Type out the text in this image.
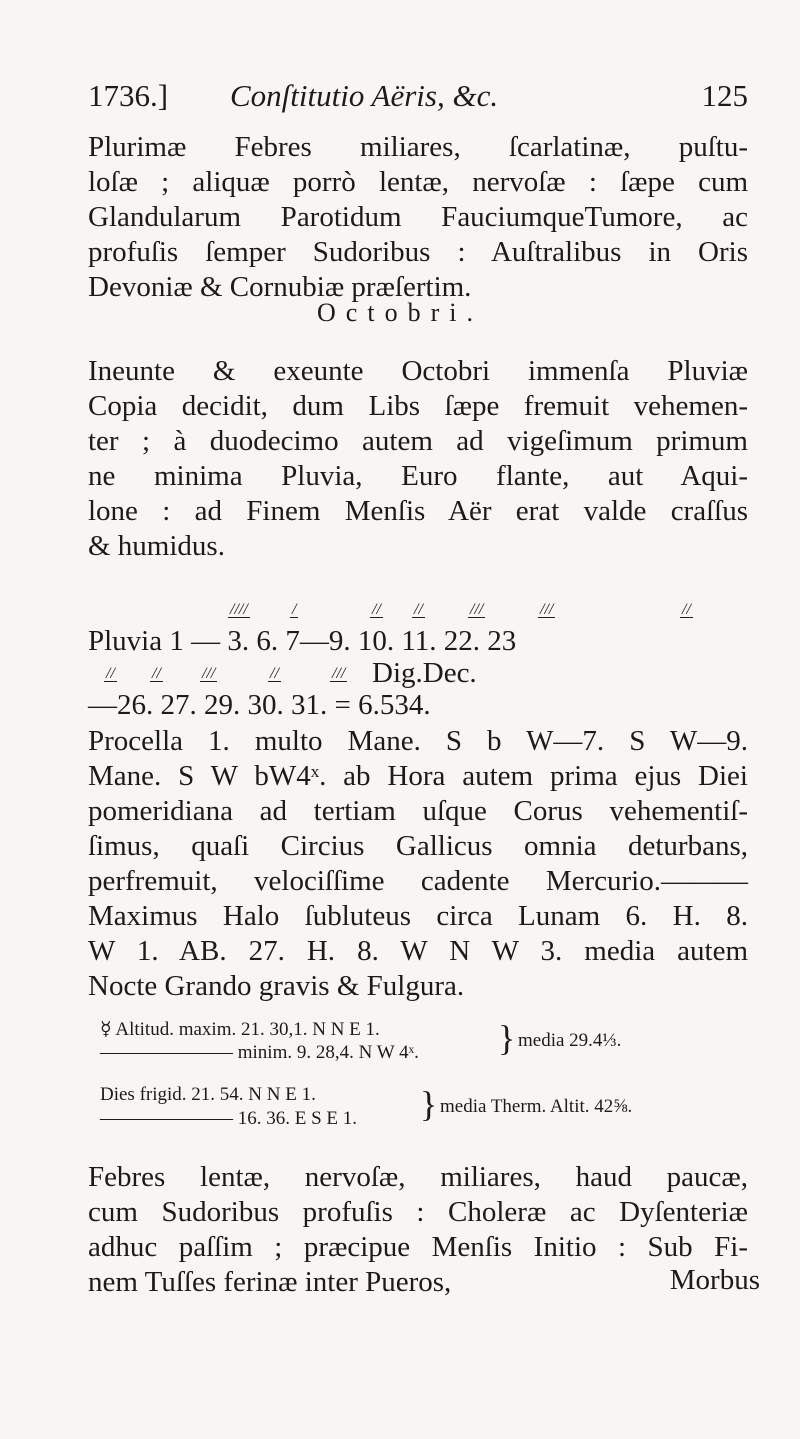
1736.] Conſtitutio Aëris, &c.	125
Plurimæ Febres miliares, ſcarlatinæ, puſtu-
loſæ ; aliquæ porrò lentæ, nervoſæ : ſæpe cum
Glandularum Parotidum FauciumqueTumore, ac
profuſis ſemper Sudoribus : Auſtralibus in Oris
Devoniæ & Cornubiæ præſertim.
Octobri.
Ineunte & exeunte Octobri immenſa Pluviæ
Copia decidit, dum Libs ſæpe fremuit vehemen-
ter ; à duodecimo autem ad vigeſimum primum
ne minima Pluvia, Euro flante, aut Aqui-
lone : ad Finem Menſis Aër erat valde craſſus
& humidus.
////	/	// //	///	///	//
Pluvia 1 — 3. 6. 7—9. 10. 11. 22. 23
// //	///	//	/// Dig.Dec.
—26. 27. 29. 30. 31. = 6.534.
Procella 1. multo Mane. S b W—7. S W—9.
Mane. S W bW4ˣ. ab Hora autem prima ejus Diei
pomeridiana ad tertiam uſque Corus vehementiſ-
ſimus, quaſi Circius Gallicus omnia deturbans,
perfremuit, velociſſime cadente Mercurio.———
Maximus Halo ſubluteus circa Lunam 6. H. 8.
W 1. AB. 27. H. 8. W N W 3. media autem
Nocte Grando gravis & Fulgura.
☿ Altitud. maxim. 21. 30,1. N N E 1.
——————— minim. 9. 28,4. N W 4ˣ. } media 29.4⅓.
Dies frigid. 21. 54. N N E 1.
——————— 16. 36. E S E 1. } media Therm. Altit. 42⅝.
Febres lentæ, nervoſæ, miliares, haud paucæ,
cum Sudoribus profuſis : Choleræ ac Dyſenteriæ
adhuc paſſim ; præcipue Menſis Initio : Sub Fi-
nem Tuſſes ferinæ inter Pueros,	Morbus
